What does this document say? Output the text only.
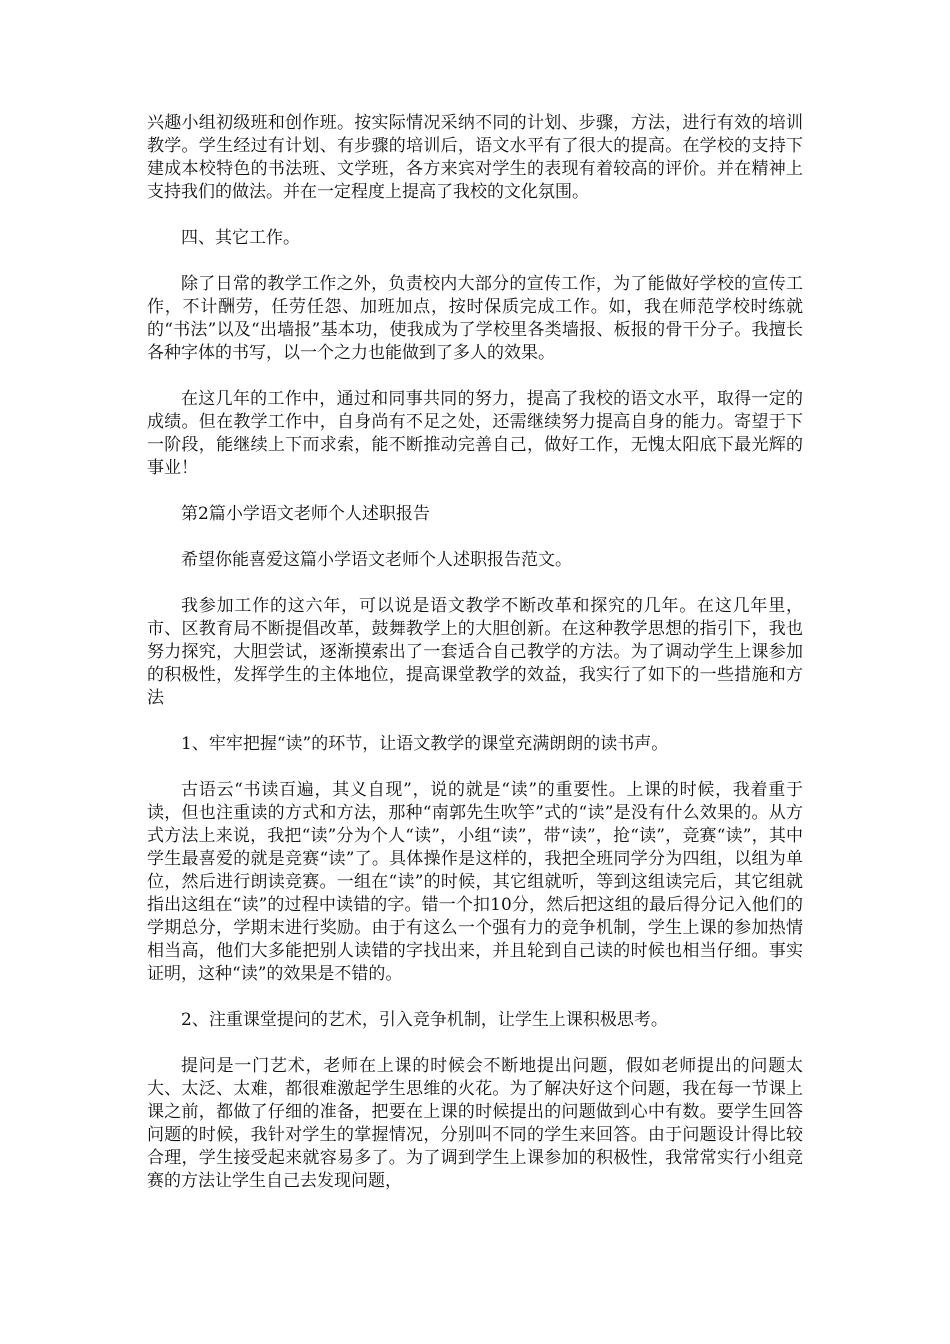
兴趣小组初级班和创作班。按实际情况采纳不同的计划、步骤，方法，进行有效的培训教学。学生经过有计划、有步骤的培训后，语文水平有了很大的提高。在学校的支持下建成本校特色的书法班、文学班，各方来宾对学生的表现有着较高的评价。并在精神上支持我们的做法。并在一定程度上提高了我校的文化氛围。

四、其它工作。

除了日常的教学工作之外，负责校内大部分的宣传工作，为了能做好学校的宣传工作，不计酬劳，任劳任怨、加班加点，按时保质完成工作。如，我在师范学校时练就的“书法”以及“出墙报”基本功，使我成为了学校里各类墙报、板报的骨干分子。我擅长各种字体的书写，以一个之力也能做到了多人的效果。

在这几年的工作中，通过和同事共同的努力，提高了我校的语文水平，取得一定的成绩。但在教学工作中，自身尚有不足之处，还需继续努力提高自身的能力。寄望于下一阶段，能继续上下而求索，能不断推动完善自己，做好工作，无愧太阳底下最光辉的事业！

第2篇小学语文老师个人述职报告

希望你能喜爱这篇小学语文老师个人述职报告范文。

我参加工作的这六年，可以说是语文教学不断改革和探究的几年。在这几年里，市、区教育局不断提倡改革，鼓舞教学上的大胆创新。在这种教学思想的指引下，我也努力探究，大胆尝试，逐渐摸索出了一套适合自己教学的方法。为了调动学生上课参加的积极性，发挥学生的主体地位，提高课堂教学的效益，我实行了如下的一些措施和方法

1、牢牢把握“读”的环节，让语文教学的课堂充满朗朗的读书声。

古语云“书读百遍，其义自现”，说的就是“读”的重要性。上课的时候，我着重于读，但也注重读的方式和方法，那种“南郭先生吹竽”式的“读”是没有什么效果的。从方式方法上来说，我把“读”分为个人“读”，小组“读”，带“读”，抢“读”，竞赛“读”，其中学生最喜爱的就是竞赛“读”了。具体操作是这样的，我把全班同学分为四组，以组为单位，然后进行朗读竞赛。一组在“读”的时候，其它组就听，等到这组读完后，其它组就指出这组在“读”的过程中读错的字。错一个扣10分，然后把这组的最后得分记入他们的学期总分，学期末进行奖励。由于有这么一个强有力的竞争机制，学生上课的参加热情相当高，他们大多能把别人读错的字找出来，并且轮到自己读的时候也相当仔细。事实证明，这种“读”的效果是不错的。

2、注重课堂提问的艺术，引入竞争机制，让学生上课积极思考。

提问是一门艺术，老师在上课的时候会不断地提出问题，假如老师提出的问题太大、太泛、太难，都很难激起学生思维的火花。为了解决好这个问题，我在每一节课上课之前，都做了仔细的准备，把要在上课的时候提出的问题做到心中有数。要学生回答问题的时候，我针对学生的掌握情况，分别叫不同的学生来回答。由于问题设计得比较合理，学生接受起来就容易多了。为了调到学生上课参加的积极性，我常常实行小组竞赛的方法让学生自己去发现问题，
